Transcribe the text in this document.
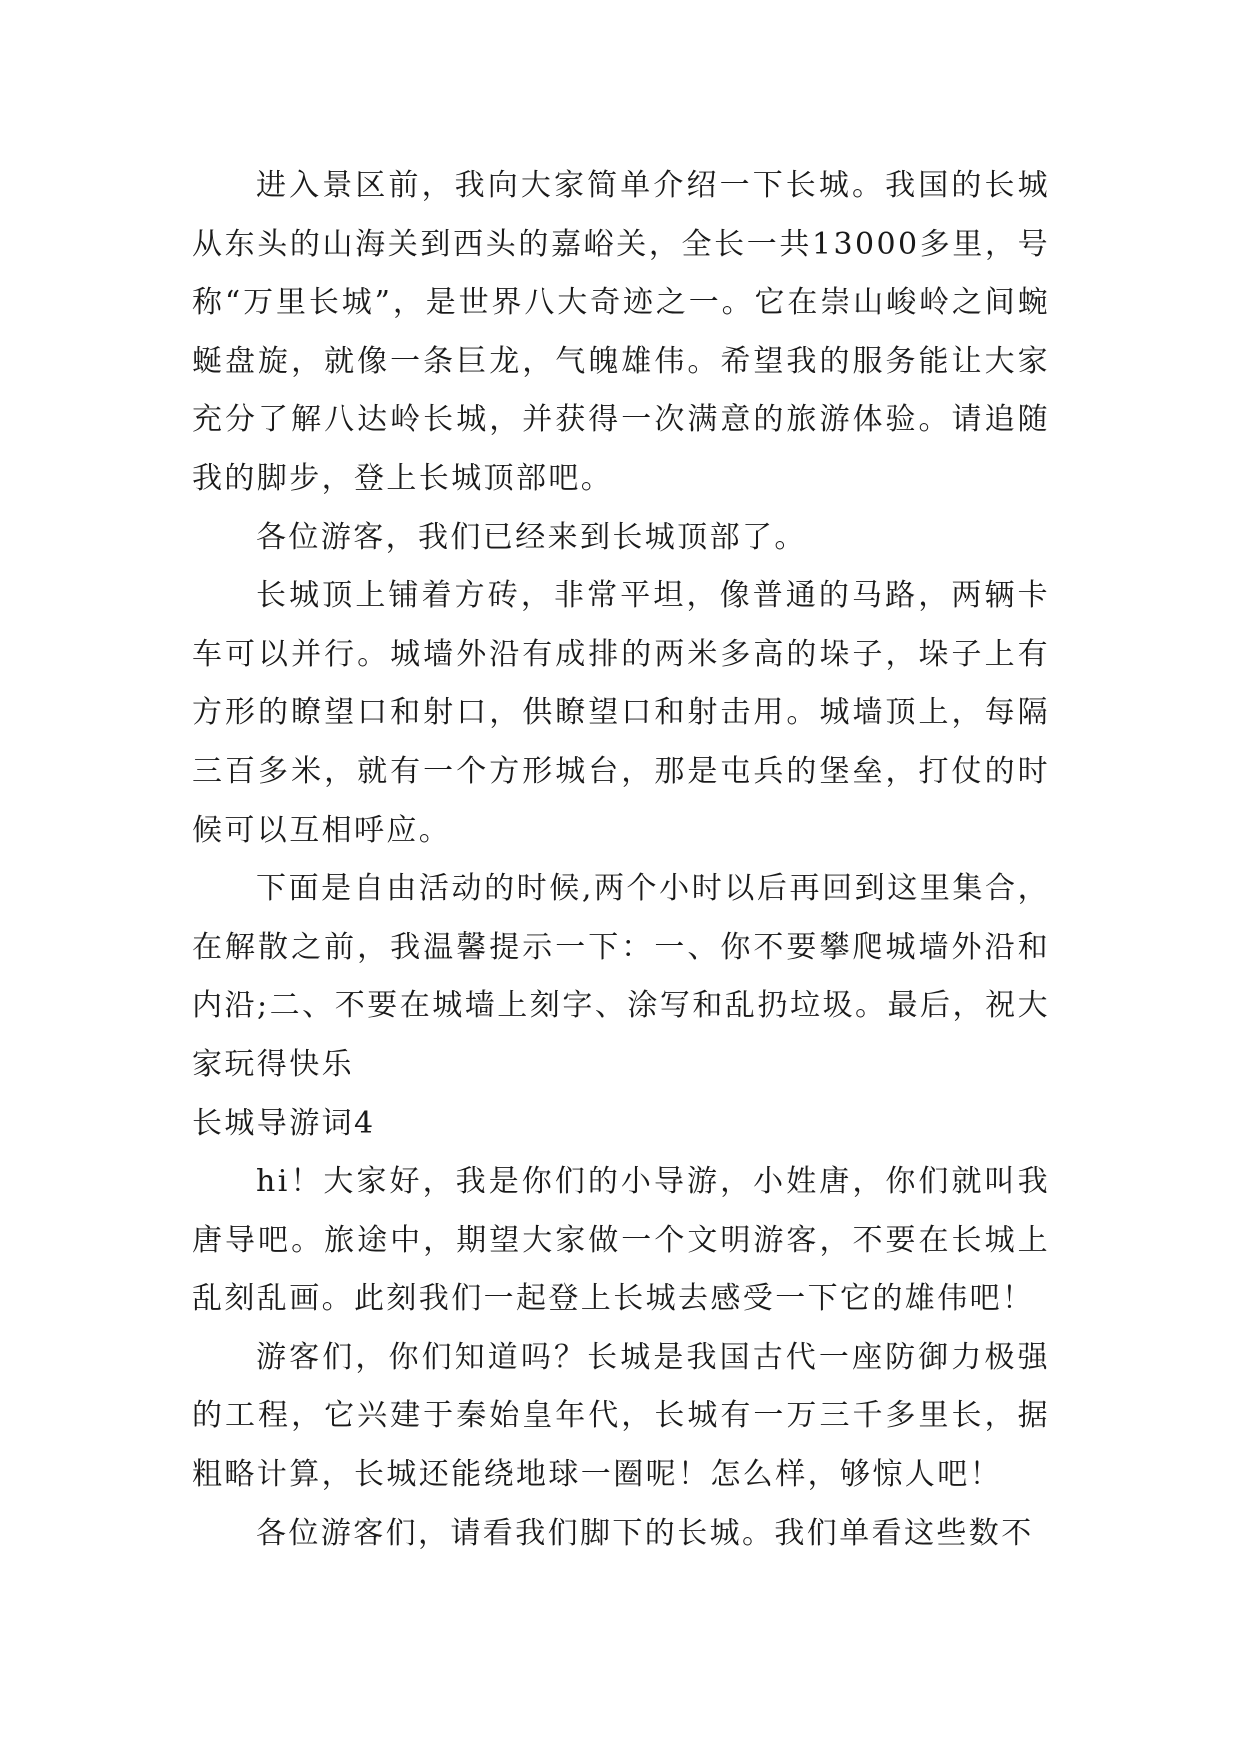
进入景区前，我向大家简单介绍一下长城。我国的长城从东头的山海关到西头的嘉峪关，全长一共13000多里，号称“万里长城”，是世界八大奇迹之一。它在崇山峻岭之间蜿蜒盘旋，就像一条巨龙，气魄雄伟。希望我的服务能让大家充分了解八达岭长城，并获得一次满意的旅游体验。请追随我的脚步，登上长城顶部吧。

各位游客，我们已经来到长城顶部了。

长城顶上铺着方砖，非常平坦，像普通的马路，两辆卡车可以并行。城墙外沿有成排的两米多高的垛子，垛子上有方形的瞭望口和射口，供瞭望口和射击用。城墙顶上，每隔三百多米，就有一个方形城台，那是屯兵的堡垒，打仗的时候可以互相呼应。

下面是自由活动的时候,两个小时以后再回到这里集合，在解散之前，我温馨提示一下：一、你不要攀爬城墙外沿和内沿;二、不要在城墙上刻字、涂写和乱扔垃圾。最后，祝大家玩得快乐

长城导游词4

hi！大家好，我是你们的小导游，小姓唐，你们就叫我唐导吧。旅途中，期望大家做一个文明游客，不要在长城上乱刻乱画。此刻我们一起登上长城去感受一下它的雄伟吧！

游客们，你们知道吗？长城是我国古代一座防御力极强的工程，它兴建于秦始皇年代，长城有一万三千多里长，据粗略计算，长城还能绕地球一圈呢！怎么样，够惊人吧！

各位游客们，请看我们脚下的长城。我们单看这些数不
